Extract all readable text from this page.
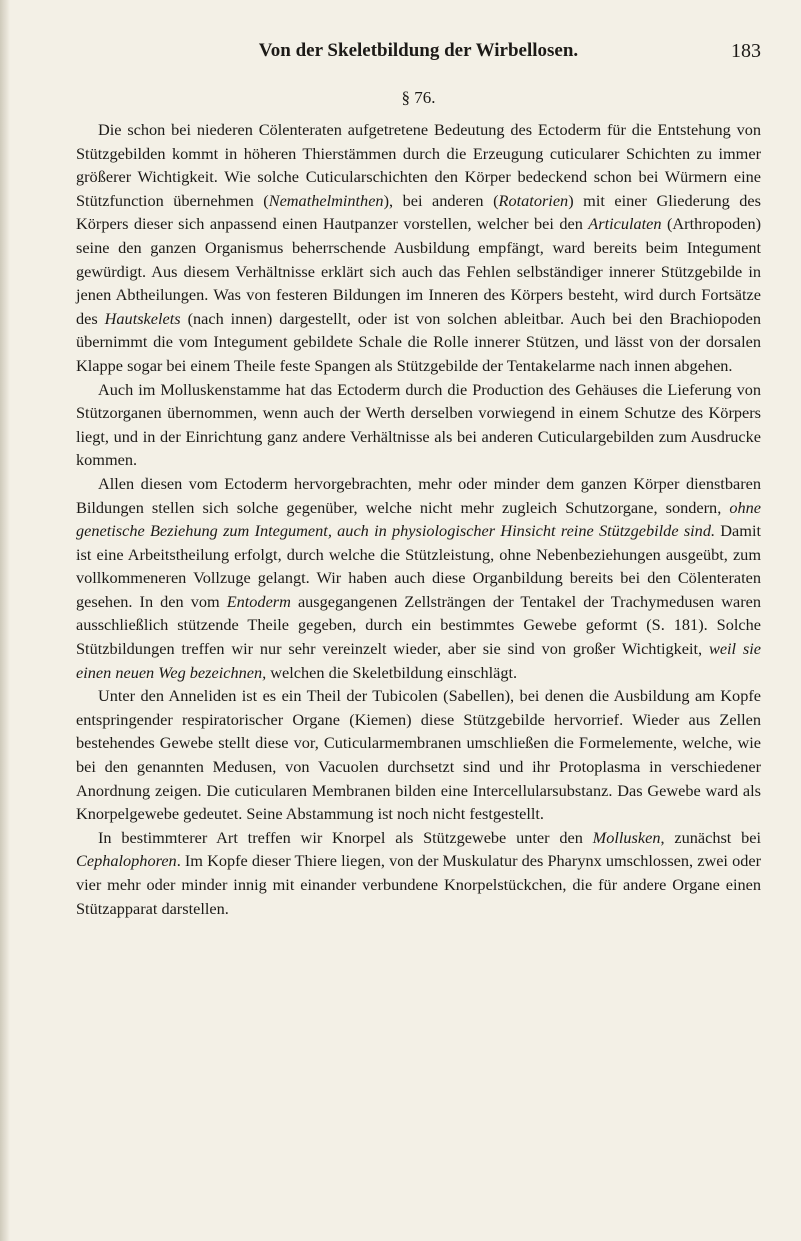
Von der Skeletbildung der Wirbellosen.	183
§ 76.

Die schon bei niederen Cölenteraten aufgetretene Bedeutung des Ectoderm für die Entstehung von Stützgebilden kommt in höheren Thierstämmen durch die Erzeugung cuticularer Schichten zu immer größerer Wichtigkeit. Wie solche Cuticularschichten den Körper bedeckend schon bei Würmern eine Stützfunction übernehmen (Nemathelminthen), bei anderen (Rotatorien) mit einer Gliederung des Körpers dieser sich anpassend einen Hautpanzer vorstellen, welcher bei den Articulaten (Arthropoden) seine den ganzen Organismus beherrschende Ausbildung empfängt, ward bereits beim Integument gewürdigt. Aus diesem Verhältnisse erklärt sich auch das Fehlen selbständiger innerer Stützgebilde in jenen Abtheilungen. Was von festeren Bildungen im Inneren des Körpers besteht, wird durch Fortsätze des Hautskelets (nach innen) dargestellt, oder ist von solchen ableitbar. Auch bei den Brachiopoden übernimmt die vom Integument gebildete Schale die Rolle innerer Stützen, und lässt von der dorsalen Klappe sogar bei einem Theile feste Spangen als Stützgebilde der Tentakelarme nach innen abgehen.

Auch im Molluskenstamme hat das Ectoderm durch die Production des Gehäuses die Lieferung von Stützorganen übernommen, wenn auch der Werth derselben vorwiegend in einem Schutze des Körpers liegt, und in der Einrichtung ganz andere Verhältnisse als bei anderen Cuticulargebilden zum Ausdrucke kommen.

Allen diesen vom Ectoderm hervorgebrachten, mehr oder minder dem ganzen Körper dienstbaren Bildungen stellen sich solche gegenüber, welche nicht mehr zugleich Schutzorgane, sondern, ohne genetische Beziehung zum Integument, auch in physiologischer Hinsicht reine Stützgebilde sind. Damit ist eine Arbeitstheilung erfolgt, durch welche die Stützleistung, ohne Nebenbeziehungen ausgeübt, zum vollkommeneren Vollzuge gelangt. Wir haben auch diese Organbildung bereits bei den Cölenteraten gesehen. In den vom Entoderm ausgegangenen Zellsträngen der Tentakel der Trachymedusen waren ausschließlich stützende Theile gegeben, durch ein bestimmtes Gewebe geformt (S. 181). Solche Stützbildungen treffen wir nur sehr vereinzelt wieder, aber sie sind von großer Wichtigkeit, weil sie einen neuen Weg bezeichnen, welchen die Skeletbildung einschlägt.

Unter den Anneliden ist es ein Theil der Tubicolen (Sabellen), bei denen die Ausbildung am Kopfe entspringender respiratorischer Organe (Kiemen) diese Stützgebilde hervorrief. Wieder aus Zellen bestehendes Gewebe stellt diese vor, Cuticularmembranen umschließen die Formelemente, welche, wie bei den genannten Medusen, von Vacuolen durchsetzt sind und ihr Protoplasma in verschiedener Anordnung zeigen. Die cuticularen Membranen bilden eine Intercellularsubstanz. Das Gewebe ward als Knorpelgewebe gedeutet. Seine Abstammung ist noch nicht festgestellt.

In bestimmterer Art treffen wir Knorpel als Stützgewebe unter den Mollusken, zunächst bei Cephalophoren. Im Kopfe dieser Thiere liegen, von der Muskulatur des Pharynx umschlossen, zwei oder vier mehr oder minder innig mit einander verbundene Knorpelstückchen, die für andere Organe einen Stützapparat darstellen.
